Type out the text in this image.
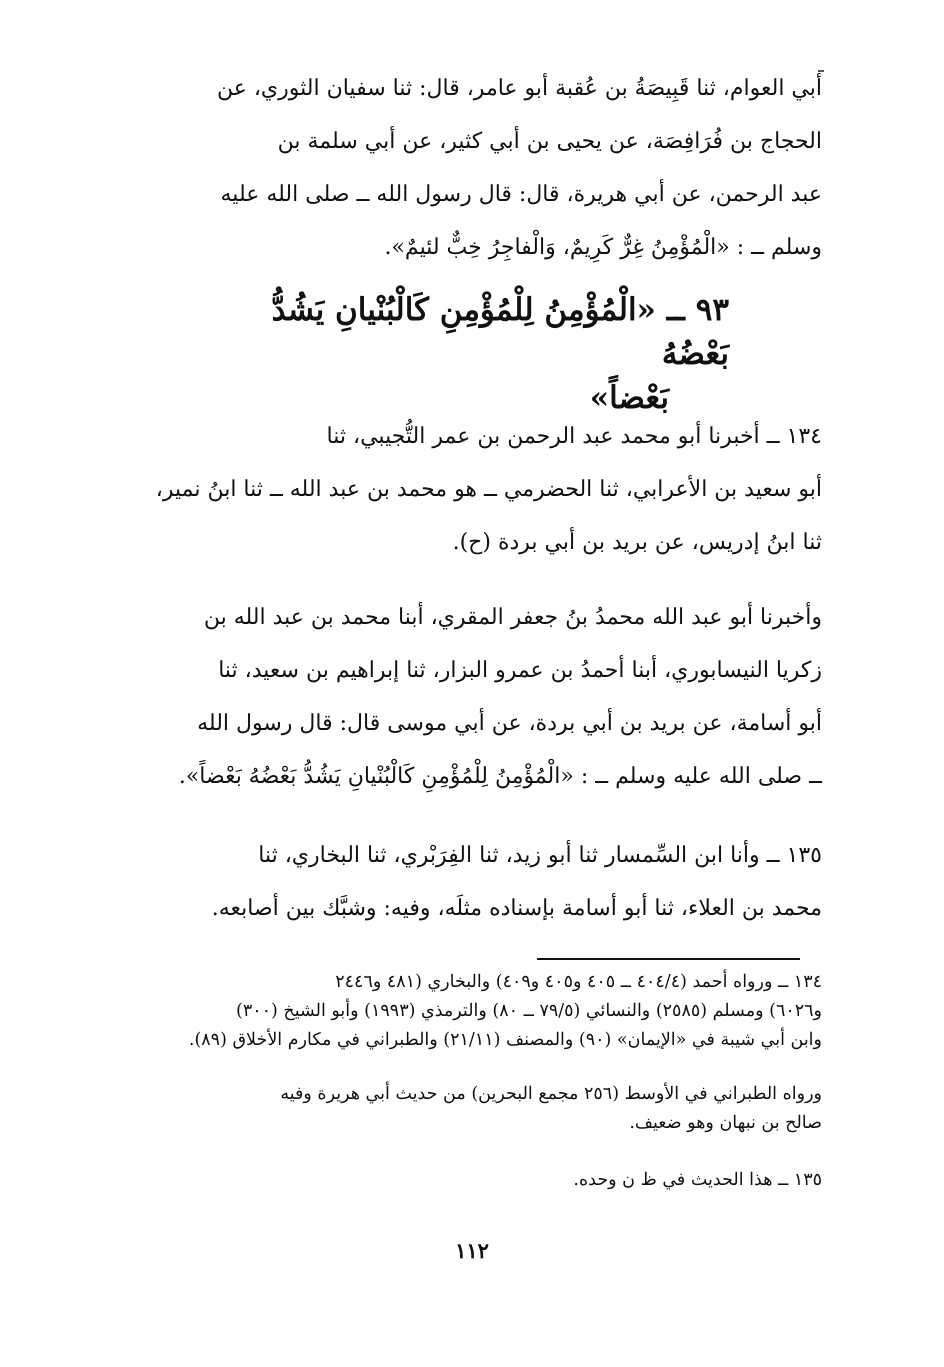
أبي العوام، ثنا قَبِيصَةُ بن عُقبة أبو عامر، قال: ثنا سفيان الثوري، عن

الحجاج بن فُرَافِصَة، عن يحيى بن أبي كثير، عن أبي سلمة بن

عبد الرحمن، عن أبي هريرة، قال: قال رسول الله ــ صلى الله عليه

وسلم ــ : «الْمُؤْمِنُ غِرٌّ كَرِيمٌ، وَالْفاجِرُ خِبٌّ لئيمٌ».

٩٣ ــ «الْمُؤْمِنُ لِلْمُؤْمِنِ كَالْبُنْيانِ يَشُدُّ بَعْضُهُ

بَعْضاً»

١٣٤ ــ أخبرنا أبو محمد عبد الرحمن بن عمر التُّجيبي، ثنا

أبو سعيد بن الأعرابي، ثنا الحضرمي ــ هو محمد بن عبد الله ــ ثنا ابنُ نمير،

ثنا ابنُ إدريس، عن بريد بن أبي بردة (ح).

وأخبرنا أبو عبد الله محمدُ بنُ جعفر المقري، أبنا محمد بن عبد الله بن

زكريا النيسابوري، أبنا أحمدُ بن عمرو البزار، ثنا إبراهيم بن سعيد، ثنا

أبو أسامة، عن بريد بن أبي بردة، عن أبي موسى قال: قال رسول الله

ــ صلى الله عليه وسلم ــ : «الْمُؤْمِنُ لِلْمُؤْمِنِ كَالْبُنْيانِ يَشُدُّ بَعْضُهُ بَعْضاً».

١٣٥ ــ وأنا ابن السِّمسار ثنا أبو زيد، ثنا الفِرَبْري، ثنا البخاري، ثنا

محمد بن العلاء، ثنا أبو أسامة بإسناده مثلَه، وفيه: وشبَّك بين أصابعه.

١٣٤ ــ ورواه أحمد (٤٠٤/٤ ــ ٤٠٥ و٤٠٥ و٤٠٩) والبخاري (٤٨١ و٢٤٤٦

و٦٠٢٦) ومسلم (٢٥٨٥) والنسائي (٧٩/٥ ــ ٨٠) والترمذي (١٩٩٣) وأبو الشيخ (٣٠٠)

وابن أبي شيبة في «الإيمان» (٩٠) والمصنف (٢١/١١) والطبراني في مكارم الأخلاق (٨٩).

ورواه الطبراني في الأوسط (٢٥٦ مجمع البحرين) من حديث أبي هريرة وفيه

صالح بن نبهان وهو ضعيف.

١٣٥ ــ هذا الحديث في ظ ن وحده.

١١٢
